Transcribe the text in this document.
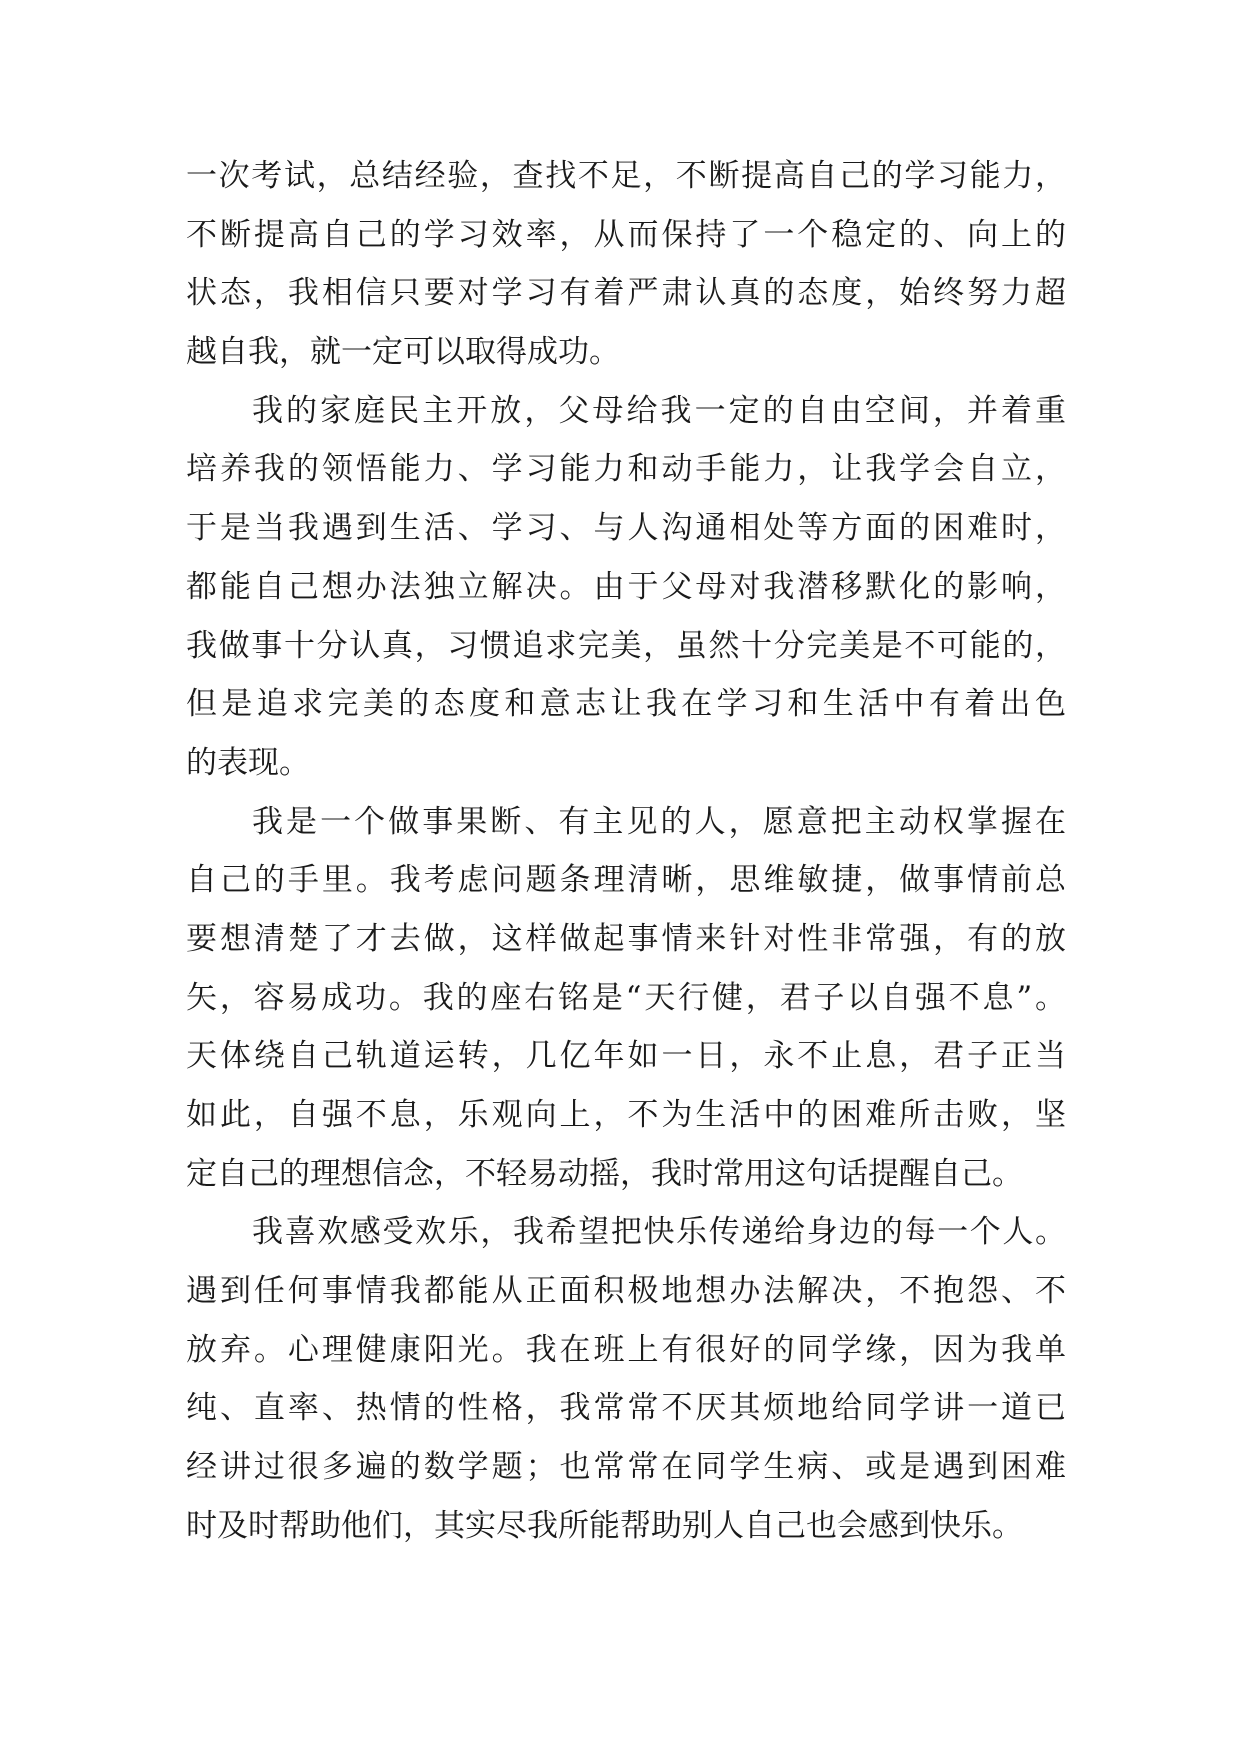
一次考试，总结经验，查找不足，不断提高自己的学习能力，
不断提高自己的学习效率，从而保持了一个稳定的、向上的
状态，我相信只要对学习有着严肃认真的态度，始终努力超
越自我，就一定可以取得成功。
我的家庭民主开放，父母给我一定的自由空间，并着重
培养我的领悟能力、学习能力和动手能力，让我学会自立，
于是当我遇到生活、学习、与人沟通相处等方面的困难时，
都能自己想办法独立解决。由于父母对我潜移默化的影响，
我做事十分认真，习惯追求完美，虽然十分完美是不可能的，
但是追求完美的态度和意志让我在学习和生活中有着出色
的表现。
我是一个做事果断、有主见的人，愿意把主动权掌握在
自己的手里。我考虑问题条理清晰，思维敏捷，做事情前总
要想清楚了才去做，这样做起事情来针对性非常强，有的放
矢，容易成功。我的座右铭是“天行健，君子以自强不息”。
天体绕自己轨道运转，几亿年如一日，永不止息，君子正当
如此，自强不息，乐观向上，不为生活中的困难所击败，坚
定自己的理想信念，不轻易动摇，我时常用这句话提醒自己。
我喜欢感受欢乐，我希望把快乐传递给身边的每一个人。
遇到任何事情我都能从正面积极地想办法解决，不抱怨、不
放弃。心理健康阳光。我在班上有很好的同学缘，因为我单
纯、直率、热情的性格，我常常不厌其烦地给同学讲一道已
经讲过很多遍的数学题；也常常在同学生病、或是遇到困难
时及时帮助他们，其实尽我所能帮助别人自己也会感到快乐。
